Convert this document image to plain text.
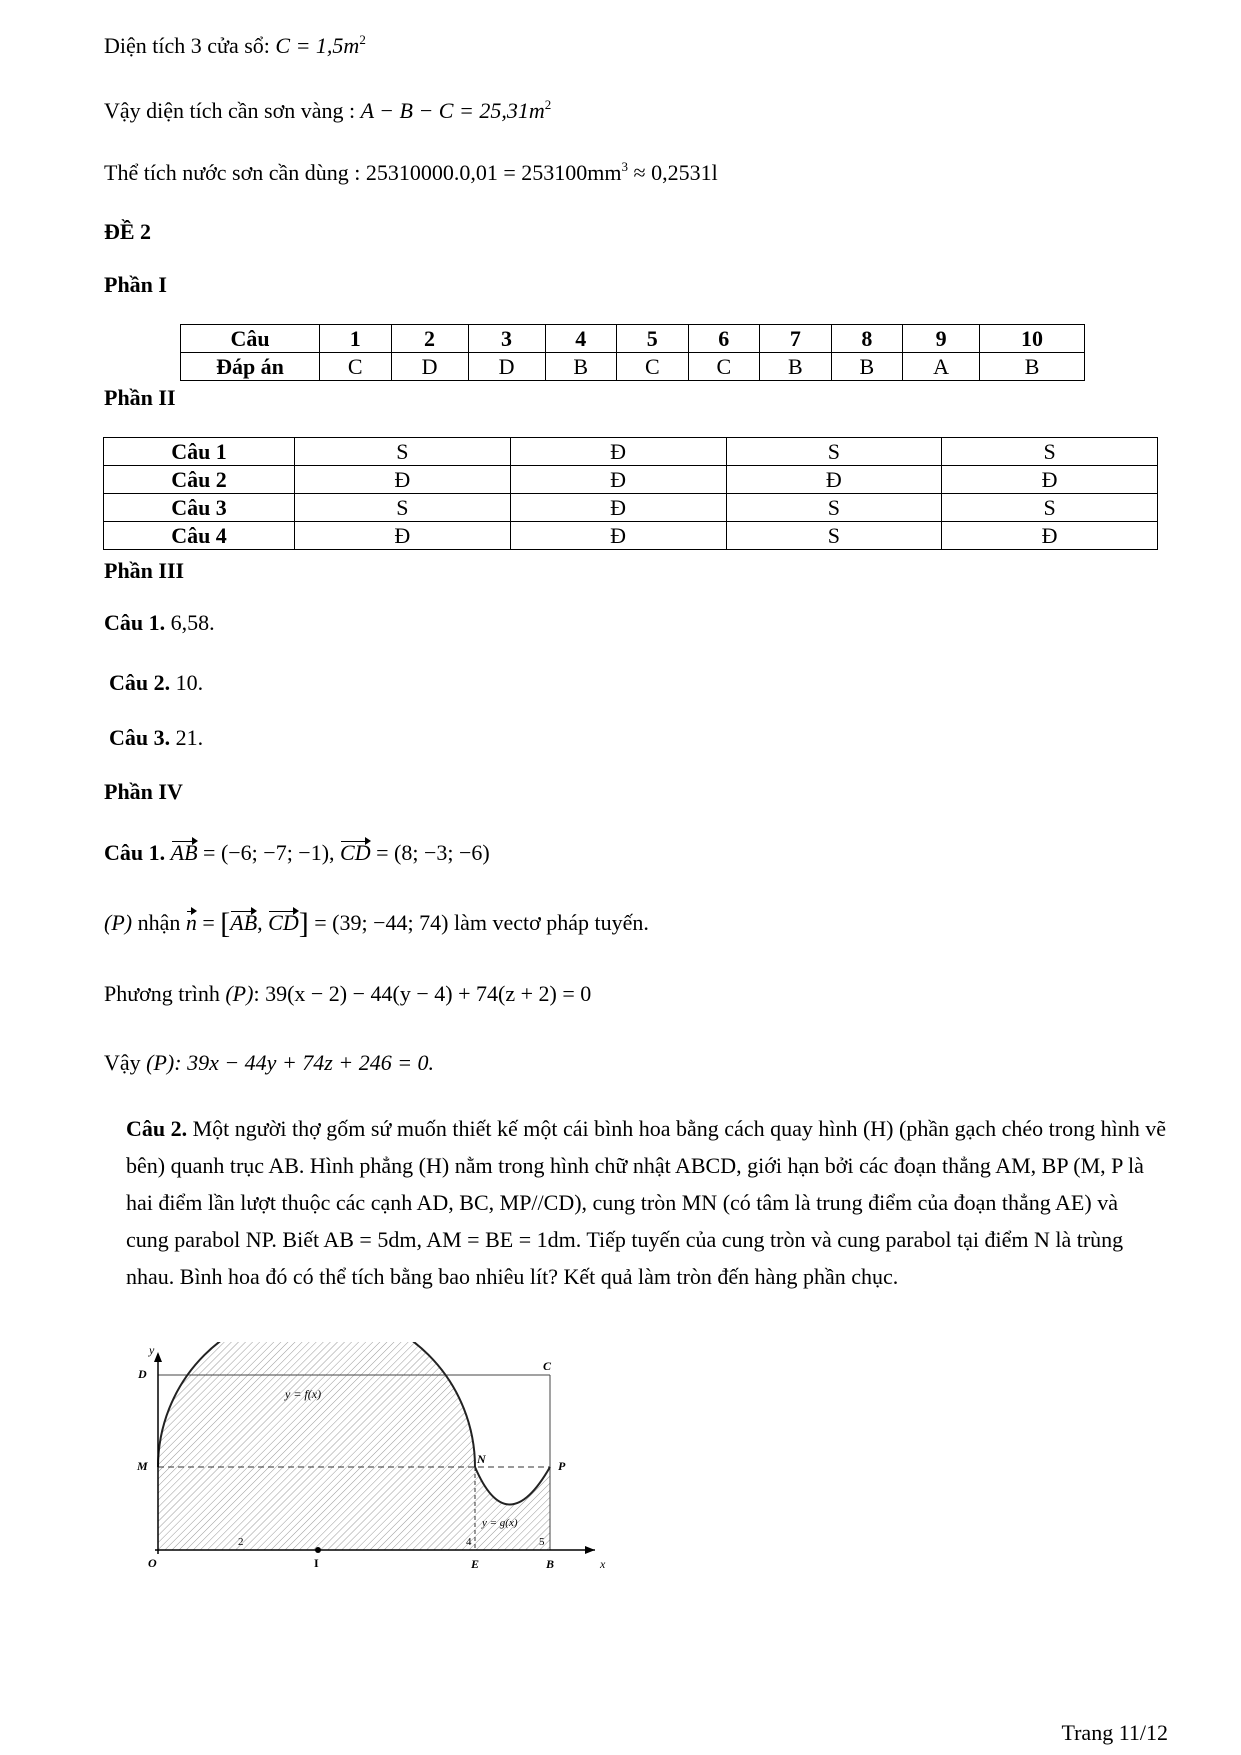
Diện tích 3 cửa sổ: $C = 1,5m^2$
Vậy diện tích cần sơn vàng : $A - B - C = 25,31m^2$
Thể tích nước sơn cần dùng : $25310000.0,01 = 253100mm^3 \approx 0,2531l$
ĐỀ 2
Phần I
Câu	1	2	3	4	5	6	7	8	9	10
Đáp án	C	D	D	B	C	C	B	B	A	B
Phần II
Câu 1	S	Đ	S	S
Câu 2	Đ	Đ	Đ	Đ
Câu 3	S	Đ	S	S
Câu 4	Đ	Đ	S	Đ
Phần III
Câu 1. 6,58.
Câu 2. 10.
Câu 3. 21.
Phần IV
Câu 1. AB = (−6; −7; −1), CD = (8; −3; −6)
(P) nhận n = [AB, CD] = (39; −44; 74) làm vectơ pháp tuyến.
Phương trình (P): 39(x − 2) − 44(y − 4) + 74(z + 2) = 0
Vậy (P): 39x − 44y + 74z + 246 = 0.
Câu 2. Một người thợ gốm sứ muốn thiết kế một cái bình hoa bằng cách quay hình (H) (phần gạch chéo trong hình vẽ bên) quanh trục AB. Hình phẳng (H) nằm trong hình chữ nhật ABCD, giới hạn bởi các đoạn thẳng AM, BP (M, P là hai điểm lần lượt thuộc các cạnh AD, BC, MP//CD), cung tròn MN (có tâm là trung điểm của đoạn thẳng AE) và cung parabol NP. Biết AB = 5dm, AM = BE = 1dm. Tiếp tuyến của cung tròn và cung parabol tại điểm N là trùng nhau. Bình hoa đó có thể tích bằng bao nhiêu lít? Kết quả làm tròn đến hàng phần chục.
y
x
y = f(x)
y = g(x)
D
C
M	N	P
O	I	E	B
2	4	5
Trang 11/12
